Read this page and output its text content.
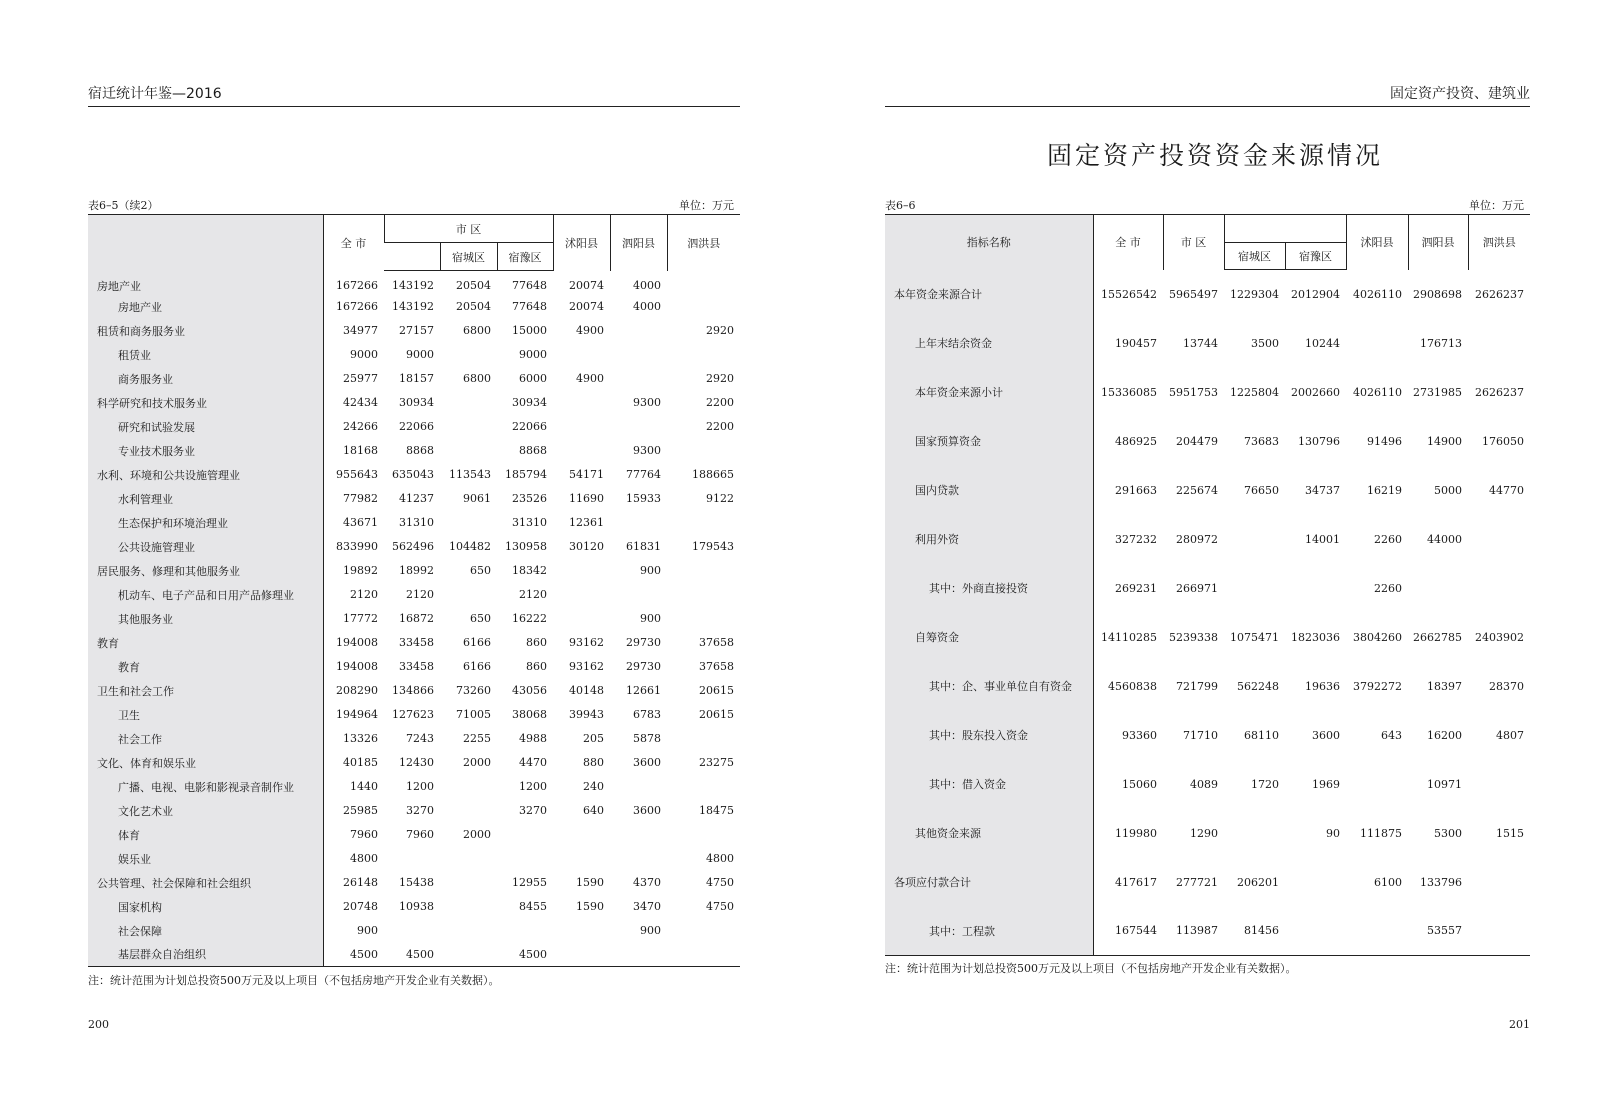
宿迁统计年鉴—2016
表6–5（续2）	单位：万元
	全 市	市 区			沭阳县	泗阳县	泗洪县
			宿城区	宿豫区			
房地产业	167266	143192	20504	77648	20074	4000	
房地产业	167266	143192	20504	77648	20074	4000	
租赁和商务服务业	34977	27157	6800	15000	4900		2920
租赁业	9000	9000		9000			
商务服务业	25977	18157	6800	6000	4900		2920
科学研究和技术服务业	42434	30934		30934		9300	2200
研究和试验发展	24266	22066		22066			2200
专业技术服务业	18168	8868		8868		9300	
水利、环境和公共设施管理业	955643	635043	113543	185794	54171	77764	188665
水利管理业	77982	41237	9061	23526	11690	15933	9122
生态保护和环境治理业	43671	31310		31310	12361		
公共设施管理业	833990	562496	104482	130958	30120	61831	179543
居民服务、修理和其他服务业	19892	18992	650	18342		900	
机动车、电子产品和日用产品修理业	2120	2120		2120			
其他服务业	17772	16872	650	16222		900	
教育	194008	33458	6166	860	93162	29730	37658
教育	194008	33458	6166	860	93162	29730	37658
卫生和社会工作	208290	134866	73260	43056	40148	12661	20615
卫生	194964	127623	71005	38068	39943	6783	20615
社会工作	13326	7243	2255	4988	205	5878	
文化、体育和娱乐业	40185	12430	2000	4470	880	3600	23275
广播、电视、电影和影视录音制作业	1440	1200		1200	240		
文化艺术业	25985	3270		3270	640	3600	18475
体育	7960	7960	2000				
娱乐业	4800						4800
公共管理、社会保障和社会组织	26148	15438		12955	1590	4370	4750
国家机构	20748	10938		8455	1590	3470	4750
社会保障	900					900	
基层群众自治组织	4500	4500		4500			
注：统计范围为计划总投资500万元及以上项目（不包括房地产开发企业有关数据）。
200
固定资产投资、建筑业
固定资产投资资金来源情况
表6–6	单位：万元
指标名称	全 市	市 区			沭阳县	泗阳县	泗洪县
			宿城区	宿豫区			
本年资金来源合计	15526542	5965497	1229304	2012904	4026110	2908698	2626237
上年末结余资金	190457	13744	3500	10244		176713	
本年资金来源小计	15336085	5951753	1225804	2002660	4026110	2731985	2626237
国家预算资金	486925	204479	73683	130796	91496	14900	176050
国内贷款	291663	225674	76650	34737	16219	5000	44770
利用外资	327232	280972		14001	2260	44000	
其中：外商直接投资	269231	266971			2260		
自筹资金	14110285	5239338	1075471	1823036	3804260	2662785	2403902
其中：企、事业单位自有资金	4560838	721799	562248	19636	3792272	18397	28370
其中：股东投入资金	93360	71710	68110	3600	643	16200	4807
其中：借入资金	15060	4089	1720	1969		10971	
其他资金来源	119980	1290		90	111875	5300	1515
各项应付款合计	417617	277721	206201		6100	133796	
其中：工程款	167544	113987	81456			53557	
注：统计范围为计划总投资500万元及以上项目（不包括房地产开发企业有关数据）。
201
